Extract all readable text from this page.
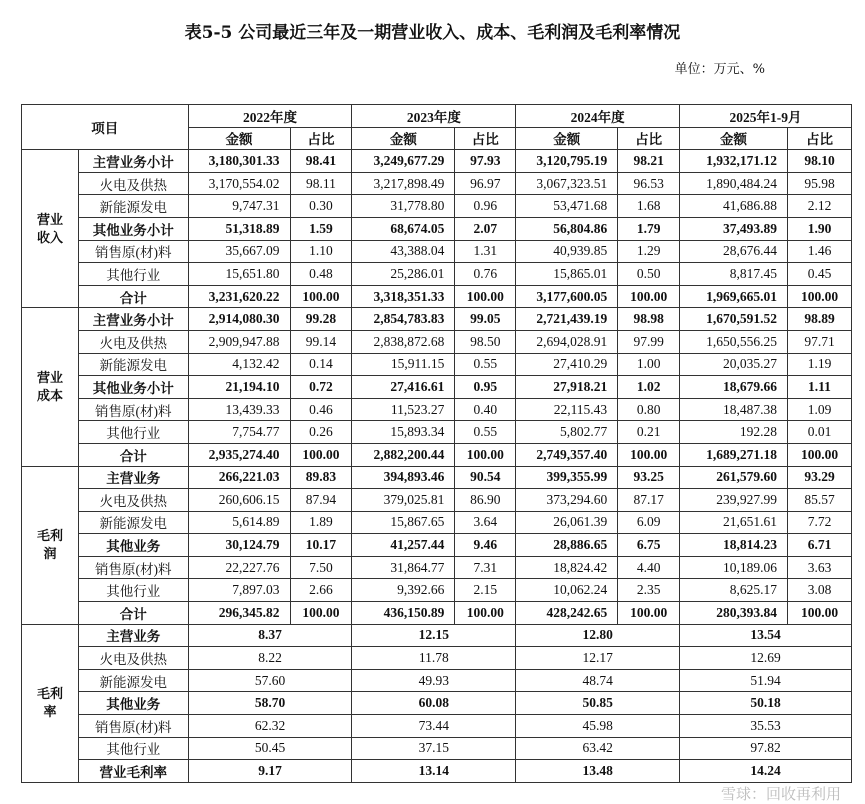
表5-5 公司最近三年及一期营业收入、成本、毛利润及毛利率情况
单位：万元、%
项目		2022年度		2023年度		2024年度		2025年1-9月	
		金额	占比	金额	占比	金额	占比	金额	占比
营业收入	主营业务小计	3,180,301.33	98.41	3,249,677.29	97.93	3,120,795.19	98.21	1,932,171.12	98.10
	火电及供热	3,170,554.02	98.11	3,217,898.49	96.97	3,067,323.51	96.53	1,890,484.24	95.98
	新能源发电	9,747.31	0.30	31,778.80	0.96	53,471.68	1.68	41,686.88	2.12
	其他业务小计	51,318.89	1.59	68,674.05	2.07	56,804.86	1.79	37,493.89	1.90
	销售原(材)料	35,667.09	1.10	43,388.04	1.31	40,939.85	1.29	28,676.44	1.46
	其他行业	15,651.80	0.48	25,286.01	0.76	15,865.01	0.50	8,817.45	0.45
	合计	3,231,620.22	100.00	3,318,351.33	100.00	3,177,600.05	100.00	1,969,665.01	100.00
营业成本	主营业务小计	2,914,080.30	99.28	2,854,783.83	99.05	2,721,439.19	98.98	1,670,591.52	98.89
	火电及供热	2,909,947.88	99.14	2,838,872.68	98.50	2,694,028.91	97.99	1,650,556.25	97.71
	新能源发电	4,132.42	0.14	15,911.15	0.55	27,410.29	1.00	20,035.27	1.19
	其他业务小计	21,194.10	0.72	27,416.61	0.95	27,918.21	1.02	18,679.66	1.11
	销售原(材)料	13,439.33	0.46	11,523.27	0.40	22,115.43	0.80	18,487.38	1.09
	其他行业	7,754.77	0.26	15,893.34	0.55	5,802.77	0.21	192.28	0.01
	合计	2,935,274.40	100.00	2,882,200.44	100.00	2,749,357.40	100.00	1,689,271.18	100.00
毛利润	主营业务	266,221.03	89.83	394,893.46	90.54	399,355.99	93.25	261,579.60	93.29
	火电及供热	260,606.15	87.94	379,025.81	86.90	373,294.60	87.17	239,927.99	85.57
	新能源发电	5,614.89	1.89	15,867.65	3.64	26,061.39	6.09	21,651.61	7.72
	其他业务	30,124.79	10.17	41,257.44	9.46	28,886.65	6.75	18,814.23	6.71
	销售原(材)料	22,227.76	7.50	31,864.77	7.31	18,824.42	4.40	10,189.06	3.63
	其他行业	7,897.03	2.66	9,392.66	2.15	10,062.24	2.35	8,625.17	3.08
	合计	296,345.82	100.00	436,150.89	100.00	428,242.65	100.00	280,393.84	100.00
毛利率	主营业务	8.37		12.15		12.80		13.54	
	火电及供热	8.22		11.78		12.17		12.69	
	新能源发电	57.60		49.93		48.74		51.94	
	其他业务	58.70		60.08		50.85		50.18	
	销售原(材)料	62.32		73.44		45.98		35.53	
	其他行业	50.45		37.15		63.42		97.82	
	营业毛利率	9.17		13.14		13.48		14.24	
雪球：回收再利用
